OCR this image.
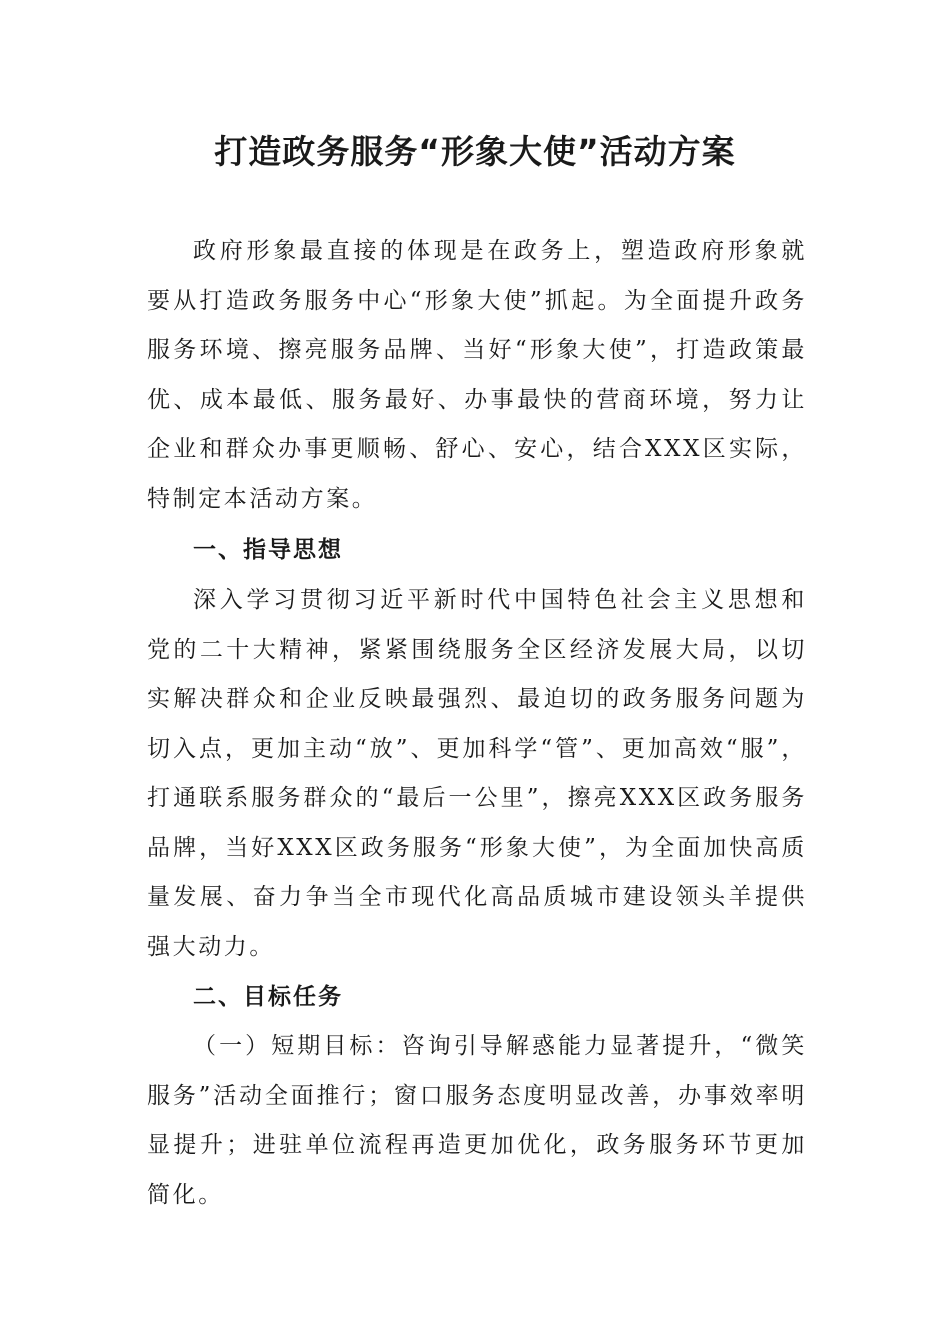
打造政务服务“形象大使”活动方案

政府形象最直接的体现是在政务上，塑造政府形象就要从打造政务服务中心“形象大使”抓起。为全面提升政务服务环境、擦亮服务品牌、当好“形象大使”，打造政策最优、成本最低、服务最好、办事最快的营商环境，努力让企业和群众办事更顺畅、舒心、安心，结合XXX区实际，特制定本活动方案。

一、指导思想

深入学习贯彻习近平新时代中国特色社会主义思想和党的二十大精神，紧紧围绕服务全区经济发展大局，以切实解决群众和企业反映最强烈、最迫切的政务服务问题为切入点，更加主动“放”、更加科学“管”、更加高效“服”，打通联系服务群众的“最后一公里”，擦亮XXX区政务服务品牌，当好XXX区政务服务“形象大使”，为全面加快高质量发展、奋力争当全市现代化高品质城市建设领头羊提供强大动力。

二、目标任务

（一）短期目标：咨询引导解惑能力显著提升，“微笑服务”活动全面推行；窗口服务态度明显改善，办事效率明显提升；进驻单位流程再造更加优化，政务服务环节更加简化。
